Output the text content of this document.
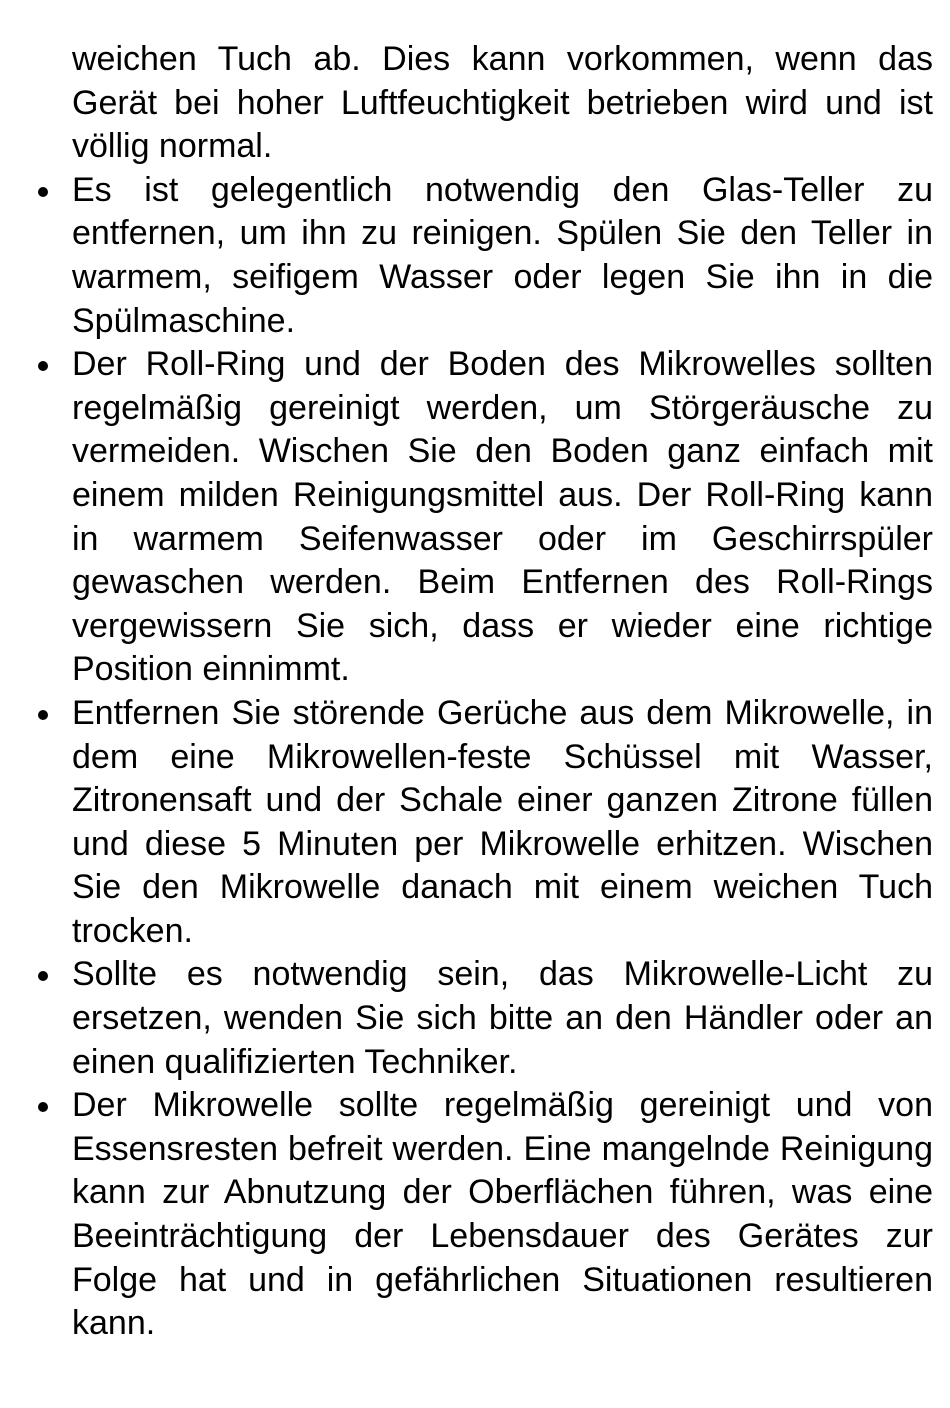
weichen Tuch ab. Dies kann vorkommen, wenn das Gerät bei hoher Luftfeuchtigkeit betrieben wird und ist völlig normal.

Es ist gelegentlich notwendig den Glas-Teller zu entfernen, um ihn zu reinigen. Spülen Sie den Teller in warmem, seifigem Wasser oder legen Sie ihn in die Spülmaschine.

Der Roll-Ring und der Boden des Mikrowelles sollten regelmäßig gereinigt werden, um Störgeräusche zu vermeiden. Wischen Sie den Boden ganz einfach mit einem milden Reinigungsmittel aus. Der Roll-Ring kann in warmem Seifenwasser oder im Geschirrspüler gewaschen werden. Beim Entfernen des Roll-Rings vergewissern Sie sich, dass er wieder eine richtige Position einnimmt.

Entfernen Sie störende Gerüche aus dem Mikrowelle, in dem eine Mikrowellen-feste Schüssel mit Wasser, Zitronensaft und der Schale einer ganzen Zitrone füllen und diese 5 Minuten per Mikrowelle erhitzen. Wischen Sie den Mikrowelle danach mit einem weichen Tuch trocken.

Sollte es notwendig sein, das Mikrowelle-Licht zu ersetzen, wenden Sie sich bitte an den Händler oder an einen qualifizierten Techniker.

Der Mikrowelle sollte regelmäßig gereinigt und von Essensresten befreit werden. Eine mangelnde Reinigung kann zur Abnutzung der Oberflächen führen, was eine Beeinträchtigung der Lebensdauer des Gerätes zur Folge hat und in gefährlichen Situationen resultieren kann.
